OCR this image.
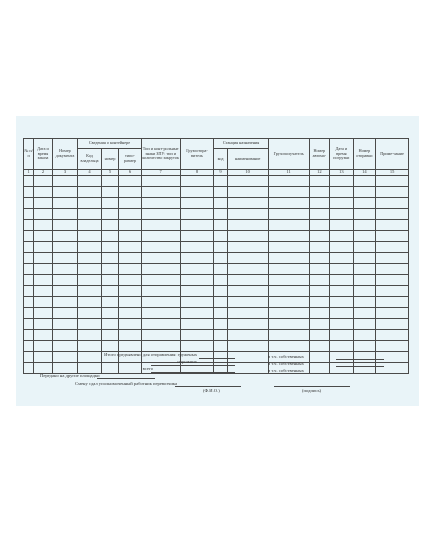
№ п/п	Дата и время заказа	Номер документа	Сведения о контейнере			Тип и конт-рольные знаки ЗПУ: тип и количество закруток	Грузоотпра-витель	Станция назначения		Грузополучатель	Номер автома-	Дата и время погрузки	Номер отправки	Приме-чание
			Код владельца	номер	типо-размер			код	наименование					
1	2	3	4	5	6	7	8	9	10	11	12	13	14	15

Итого предъявлено для отправления: груженых
порожних
всего
в т.ч. собственных
в т.ч. собственных
в т.ч. собственных
Передано на другие площадки
Смену сдал уполномоченный работник перевозчика
(Ф.И.О.)	(подпись)
